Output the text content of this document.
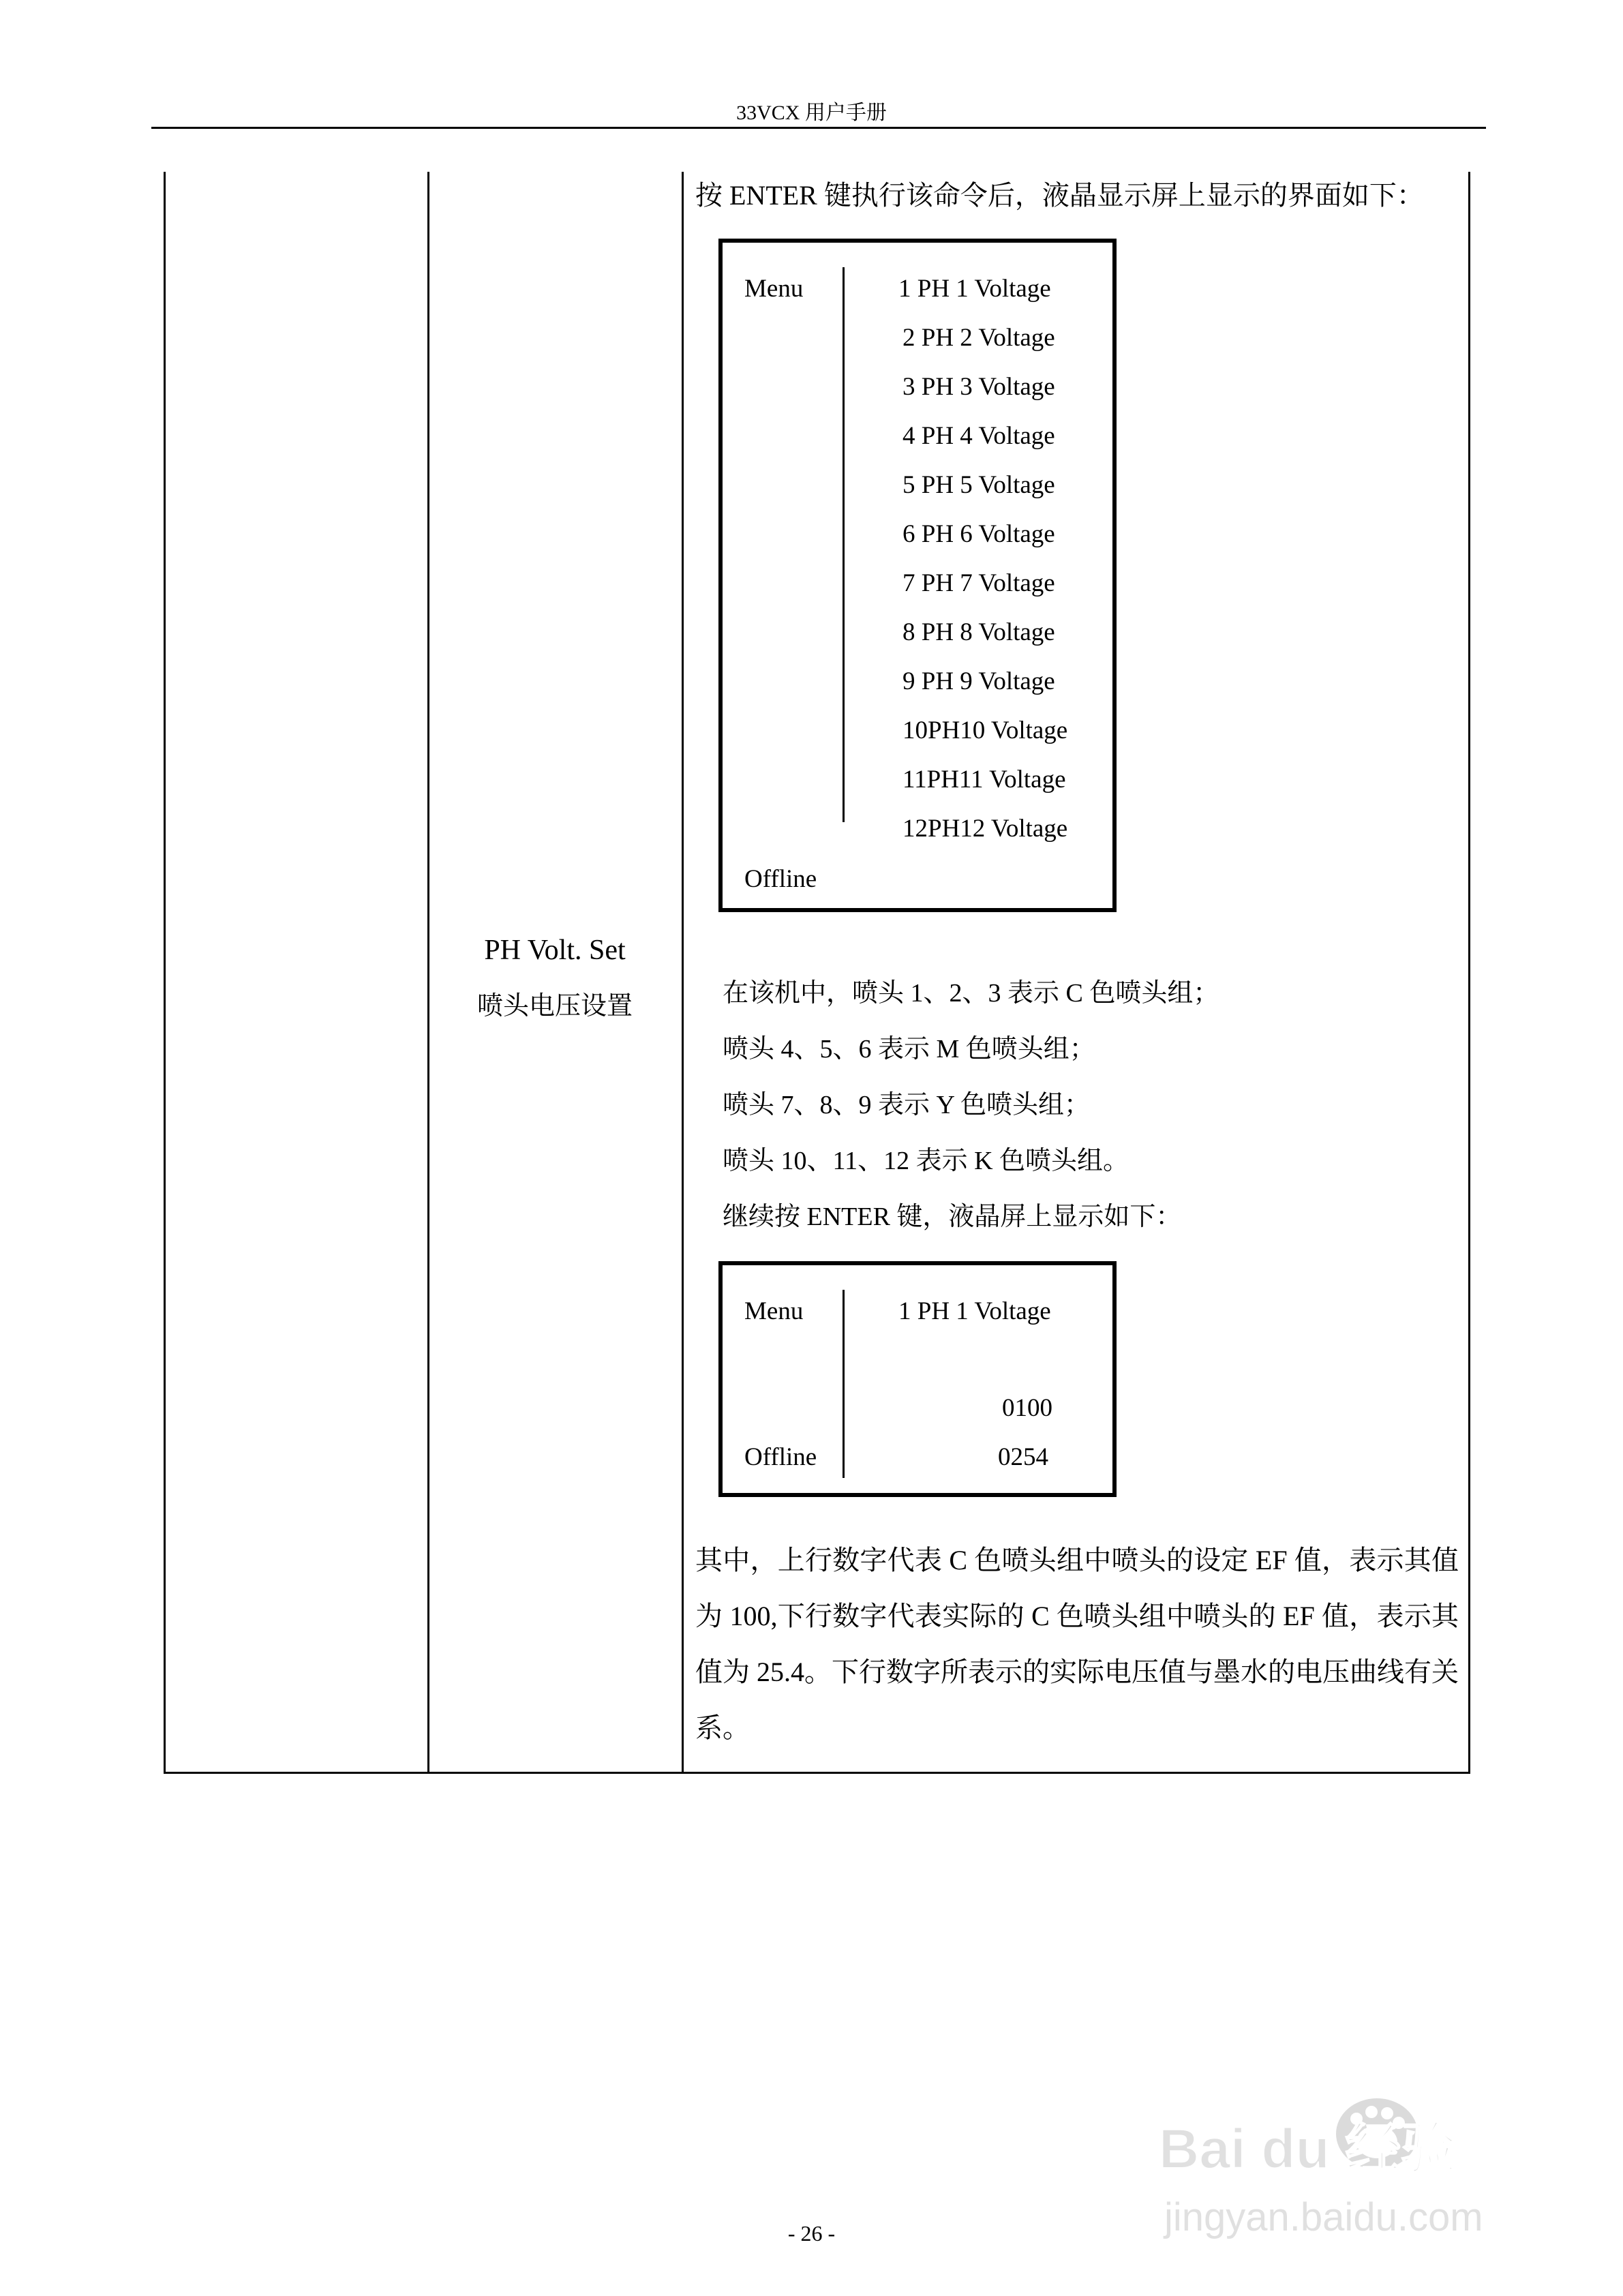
33VCX 用户手册
PH Volt. Set
喷头电压设置
按 ENTER 键执行该命令后，液晶显示屏上显示的界面如下：
Menu
Offline
1 PH 1 Voltage
2 PH 2 Voltage
3 PH 3 Voltage
4 PH 4 Voltage
5 PH 5 Voltage
6 PH 6 Voltage
7 PH 7 Voltage
8 PH 8 Voltage
9 PH 9 Voltage
10PH10 Voltage
11PH11 Voltage
12PH12 Voltage
在该机中，喷头 1、2、3 表示 C 色喷头组；
喷头 4、5、6 表示 M 色喷头组；
喷头 7、8、9 表示 Y 色喷头组；
喷头 10、11、12 表示 K 色喷头组。
继续按 ENTER 键，液晶屏上显示如下：
Menu
Offline
1 PH 1 Voltage
0100
0254
其中，上行数字代表 C 色喷头组中喷头的设定 EF 值，表示其值为 100,下行数字代表实际的 C 色喷头组中喷头的 EF 值，表示其值为 25.4。下行数字所表示的实际电压值与墨水的电压曲线有关系。
Bai du 经验
jingyan.baidu.com
- 26 -
